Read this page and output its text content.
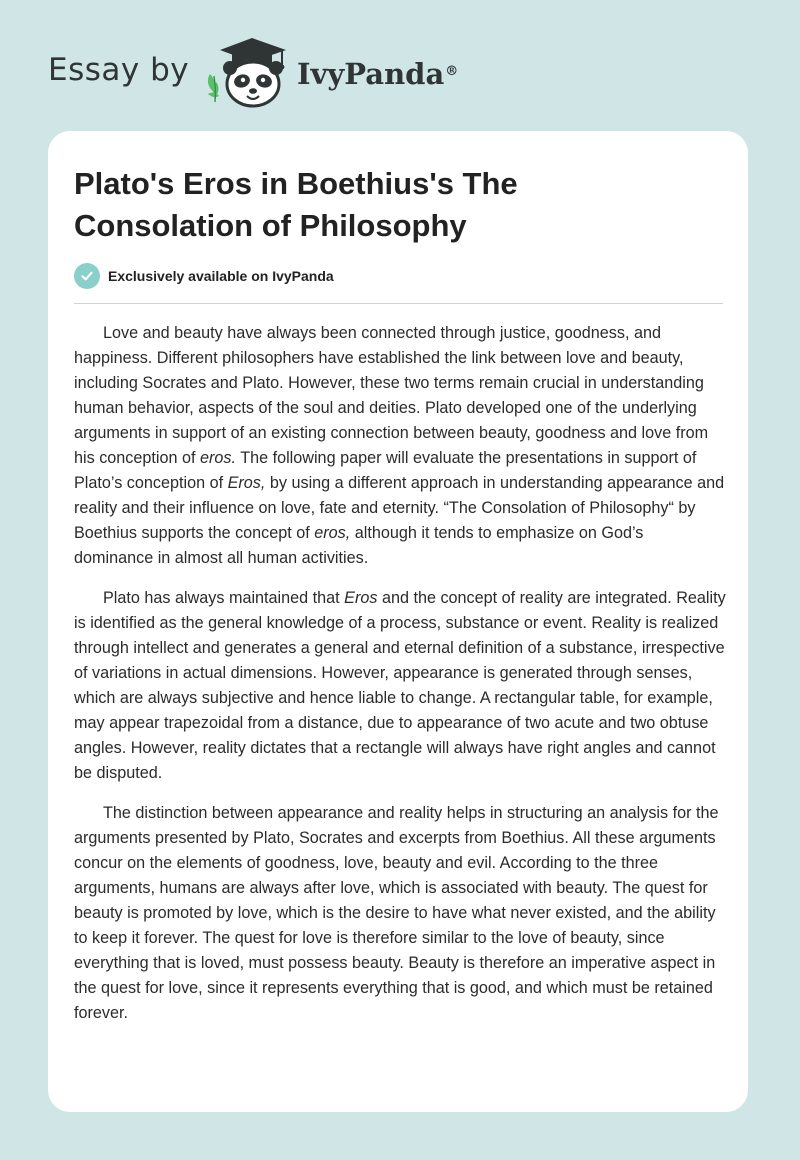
Essay by	IvyPanda®
Plato's Eros in Boethius's The Consolation of Philosophy
Exclusively available on IvyPanda

Love and beauty have always been connected through justice, goodness, and happiness. Different philosophers have established the link between love and beauty, including Socrates and Plato. However, these two terms remain crucial in understanding human behavior, aspects of the soul and deities. Plato developed one of the underlying arguments in support of an existing connection between beauty, goodness and love from his conception of eros. The following paper will evaluate the presentations in support of Plato’s conception of Eros, by using a different approach in understanding appearance and reality and their influence on love, fate and eternity. “The Consolation of Philosophy“ by Boethius supports the concept of eros, although it tends to emphasize on God’s dominance in almost all human activities.

Plato has always maintained that Eros and the concept of reality are integrated. Reality is identified as the general knowledge of a process, substance or event. Reality is realized through intellect and generates a general and eternal definition of a substance, irrespective of variations in actual dimensions. However, appearance is generated through senses, which are always subjective and hence liable to change. A rectangular table, for example, may appear trapezoidal from a distance, due to appearance of two acute and two obtuse angles. However, reality dictates that a rectangle will always have right angles and cannot be disputed.

The distinction between appearance and reality helps in structuring an analysis for the arguments presented by Plato, Socrates and excerpts from Boethius. All these arguments concur on the elements of goodness, love, beauty and evil. According to the three arguments, humans are always after love, which is associated with beauty. The quest for beauty is promoted by love, which is the desire to have what never existed, and the ability to keep it forever. The quest for love is therefore similar to the love of beauty, since everything that is loved, must possess beauty. Beauty is therefore an imperative aspect in the quest for love, since it represents everything that is good, and which must be retained forever.
